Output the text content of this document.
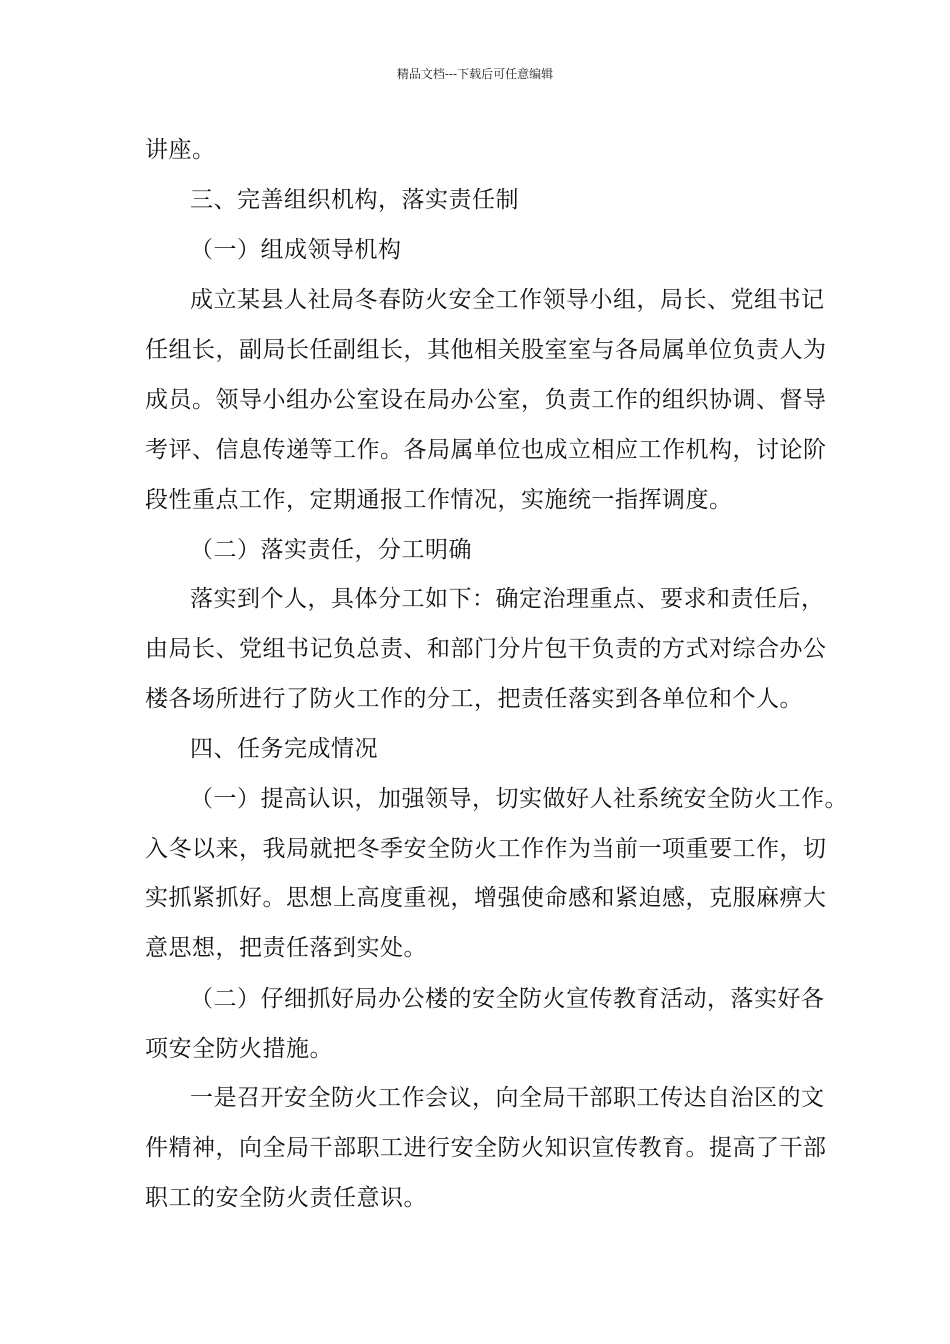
精品文档---下载后可任意编辑
讲座。
三、完善组织机构，落实责任制
（一）组成领导机构
成立某县人社局冬春防火安全工作领导小组，局长、党组书记
任组长，副局长任副组长，其他相关股室室与各局属单位负责人为
成员。领导小组办公室设在局办公室，负责工作的组织协调、督导
考评、信息传递等工作。各局属单位也成立相应工作机构，讨论阶
段性重点工作，定期通报工作情况，实施统一指挥调度。
（二）落实责任，分工明确
落实到个人，具体分工如下：确定治理重点、要求和责任后，
由局长、党组书记负总责、和部门分片包干负责的方式对综合办公
楼各场所进行了防火工作的分工，把责任落实到各单位和个人。
四、任务完成情况
（一）提高认识，加强领导，切实做好人社系统安全防火工作。
入冬以来，我局就把冬季安全防火工作作为当前一项重要工作，切
实抓紧抓好。思想上高度重视，增强使命感和紧迫感，克服麻痹大
意思想，把责任落到实处。
（二）仔细抓好局办公楼的安全防火宣传教育活动，落实好各
项安全防火措施。
一是召开安全防火工作会议，向全局干部职工传达自治区的文
件精神，向全局干部职工进行安全防火知识宣传教育。提高了干部
职工的安全防火责任意识。
